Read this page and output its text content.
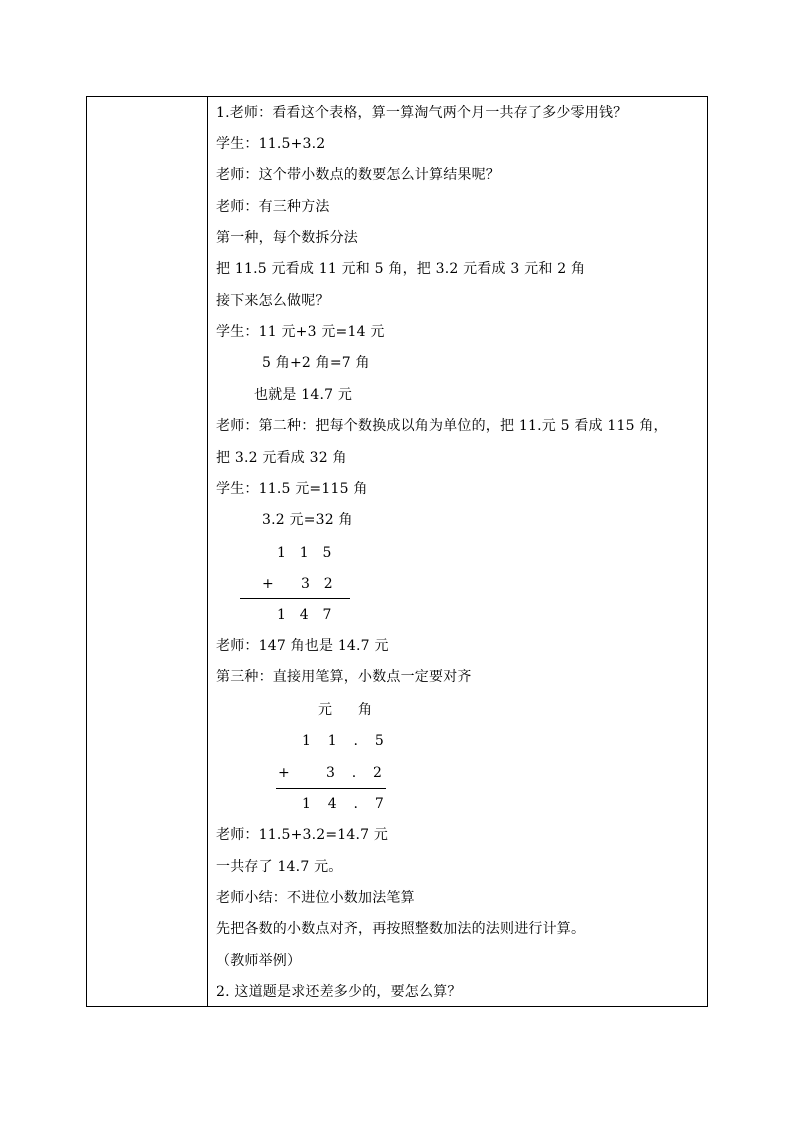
1.老师：看看这个表格，算一算淘气两个月一共存了多少零用钱？
学生：11.5+3.2
老师：这个带小数点的数要怎么计算结果呢？
老师：有三种方法
第一种，每个数拆分法
把 11.5 元看成 11 元和 5 角，把 3.2 元看成 3 元和 2 角
接下来怎么做呢？
学生：11 元+3 元=14 元
5 角+2 角=7 角
也就是 14.7 元
老师：第二种：把每个数换成以角为单位的，把 11.元 5 看成 115 角，
把 3.2 元看成 32 角
学生：11.5 元=115 角
3.2 元=32 角
1 1 5
+ 3 2
1 4 7
老师：147 角也是 14.7 元
第三种：直接用笔算，小数点一定要对齐
元 角
1 1 . 5
+	3 . 2
1 4 . 7
老师：11.5+3.2=14.7 元
一共存了 14.7 元。
老师小结：不进位小数加法笔算
先把各数的小数点对齐，再按照整数加法的法则进行计算。
（教师举例）
2. 这道题是求还差多少的，要怎么算？
